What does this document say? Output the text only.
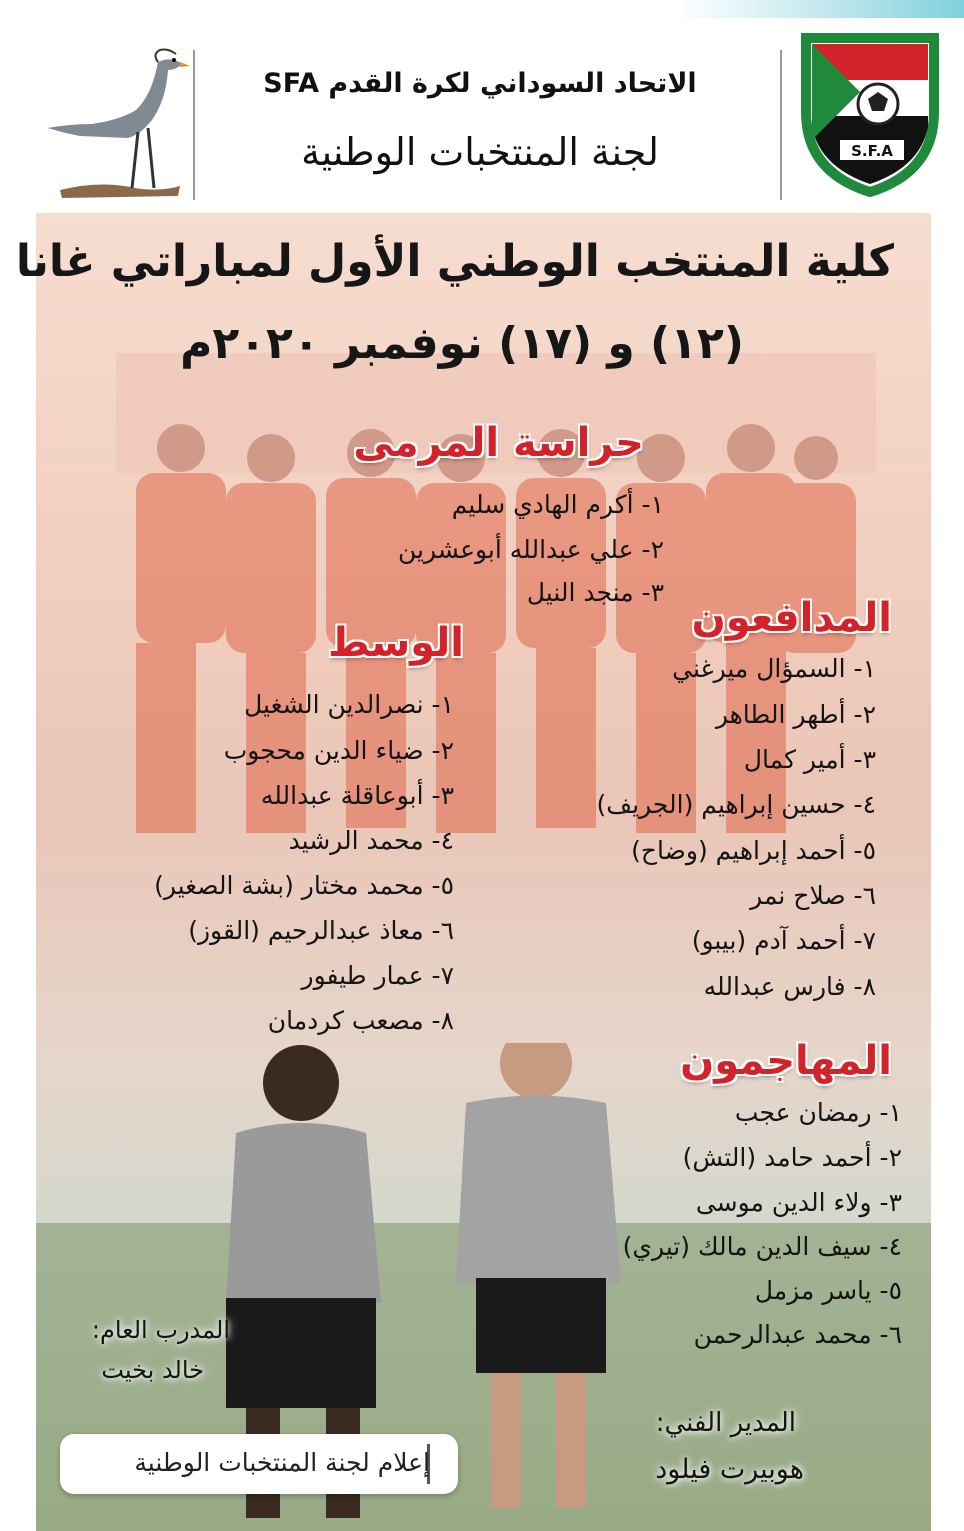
الاتحاد السوداني لكرة القدم SFA
لجنة المنتخبات الوطنية	S.F.A
كلية المنتخب الوطني الأول لمباراتي غانا
(١٢) و (١٧) نوفمبر ٢٠٢٠م
حراسة المرمى
١- أكرم الهادي سليم
٢- علي عبدالله أبوعشرين
٣- منجد النيل
المدافعون
١- السمؤال ميرغني
٢- أطهر الطاهر
٣- أمير كمال
٤- حسين إبراهيم (الجريف)
٥- أحمد إبراهيم (وضاح)
٦- صلاح نمر
٧- أحمد آدم (بيبو)
٨- فارس عبدالله
الوسط
١- نصرالدين الشغيل
٢- ضياء الدين محجوب
٣- أبوعاقلة عبدالله
٤- محمد الرشيد
٥- محمد مختار (بشة الصغير)
٦- معاذ عبدالرحيم (القوز)
٧- عمار طيفور
٨- مصعب كردمان
المهاجمون
١- رمضان عجب
٢- أحمد حامد (التش)
٣- ولاء الدين موسى
٤- سيف الدين مالك (تيري)
٥- ياسر مزمل
٦- محمد عبدالرحمن
المدرب العام:
خالد بخيت
المدير الفني:
هوبيرت فيلود
إعلام لجنة المنتخبات الوطنية
